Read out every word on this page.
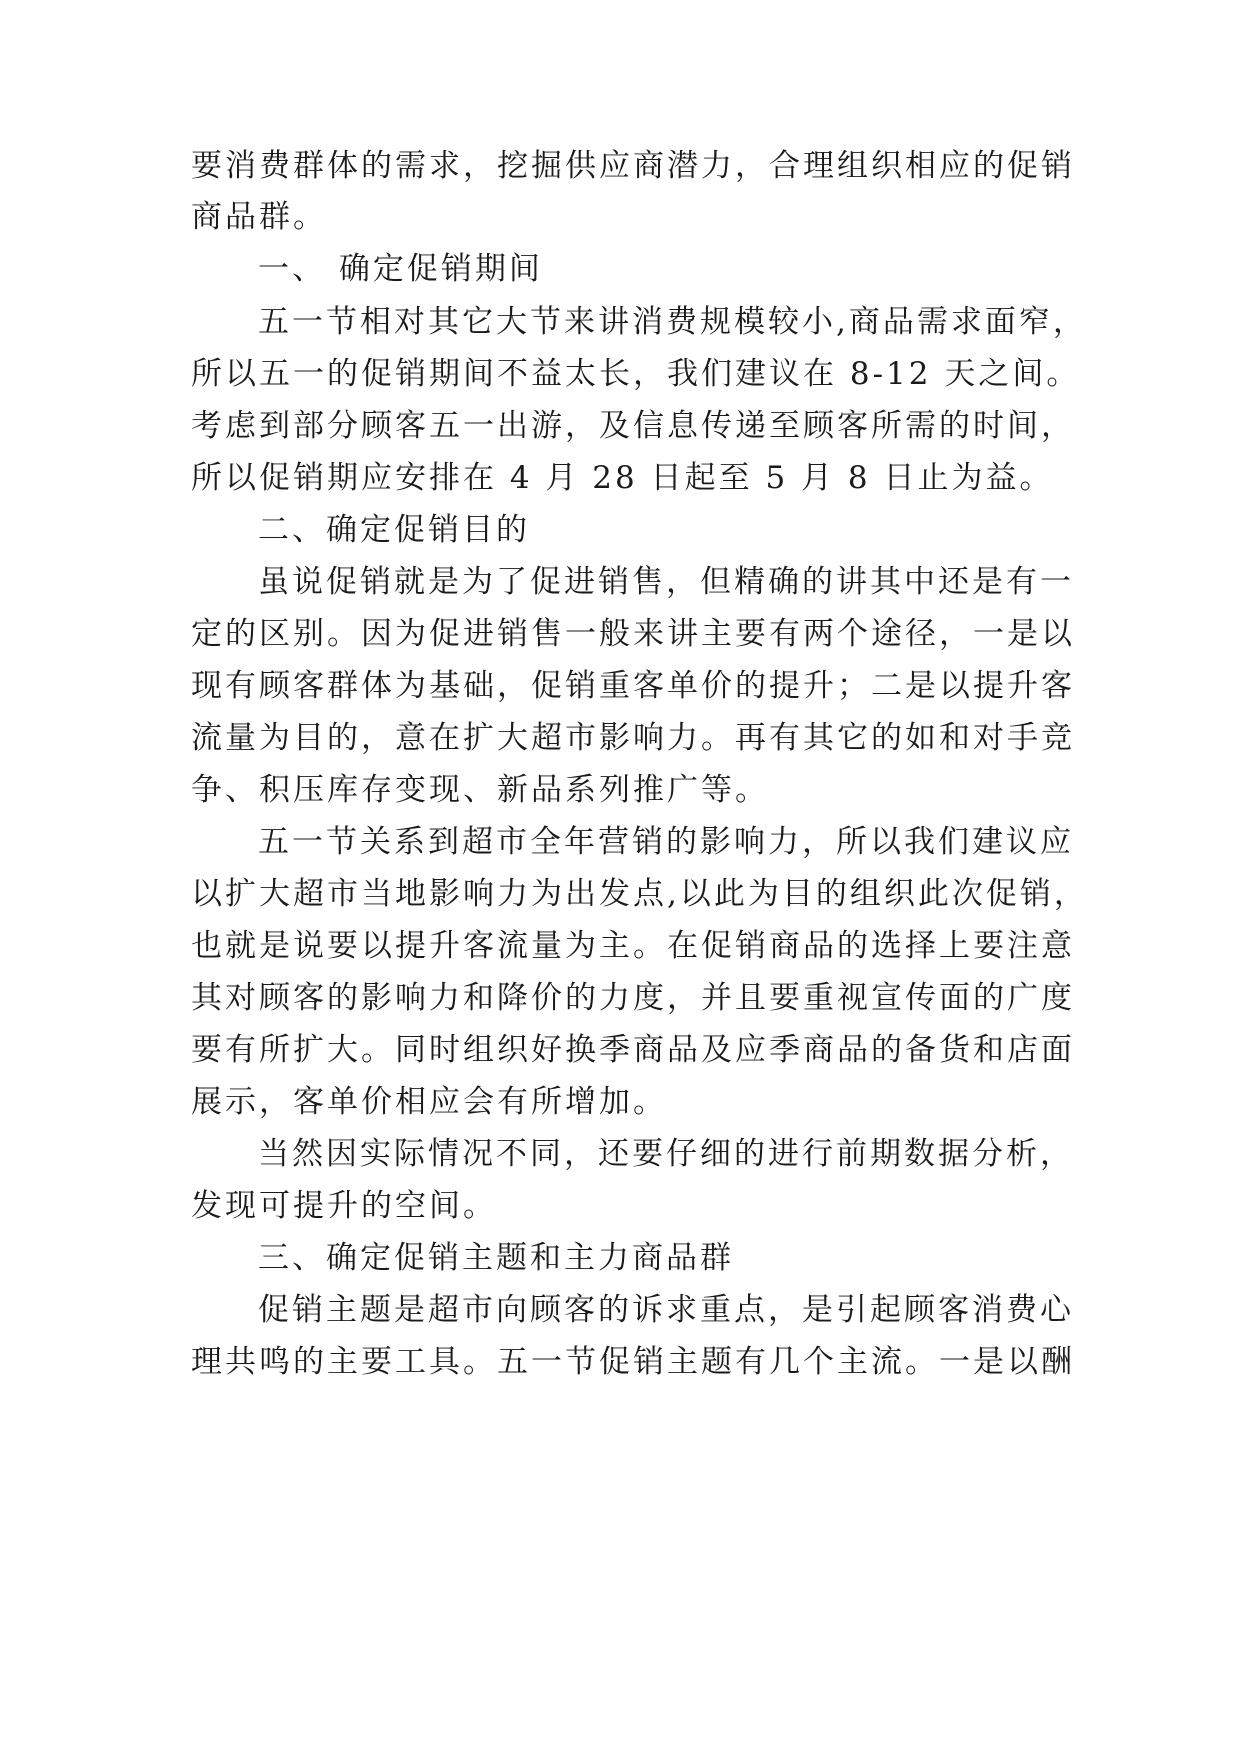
要消费群体的需求，挖掘供应商潜力，合理组织相应的促销
商品群。
一、 确定促销期间
五一节相对其它大节来讲消费规模较小,商品需求面窄，
所以五一的促销期间不益太长，我们建议在 8-12 天之间。
考虑到部分顾客五一出游，及信息传递至顾客所需的时间，
所以促销期应安排在 4 月 28 日起至 5 月 8 日止为益。
二、确定促销目的
虽说促销就是为了促进销售，但精确的讲其中还是有一
定的区别。因为促进销售一般来讲主要有两个途径，一是以
现有顾客群体为基础，促销重客单价的提升；二是以提升客
流量为目的，意在扩大超市影响力。再有其它的如和对手竞
争、积压库存变现、新品系列推广等。
五一节关系到超市全年营销的影响力，所以我们建议应
以扩大超市当地影响力为出发点,以此为目的组织此次促销，
也就是说要以提升客流量为主。在促销商品的选择上要注意
其对顾客的影响力和降价的力度，并且要重视宣传面的广度
要有所扩大。同时组织好换季商品及应季商品的备货和店面
展示，客单价相应会有所增加。
当然因实际情况不同，还要仔细的进行前期数据分析，
发现可提升的空间。
三、确定促销主题和主力商品群
促销主题是超市向顾客的诉求重点，是引起顾客消费心
理共鸣的主要工具。五一节促销主题有几个主流。一是以酬
